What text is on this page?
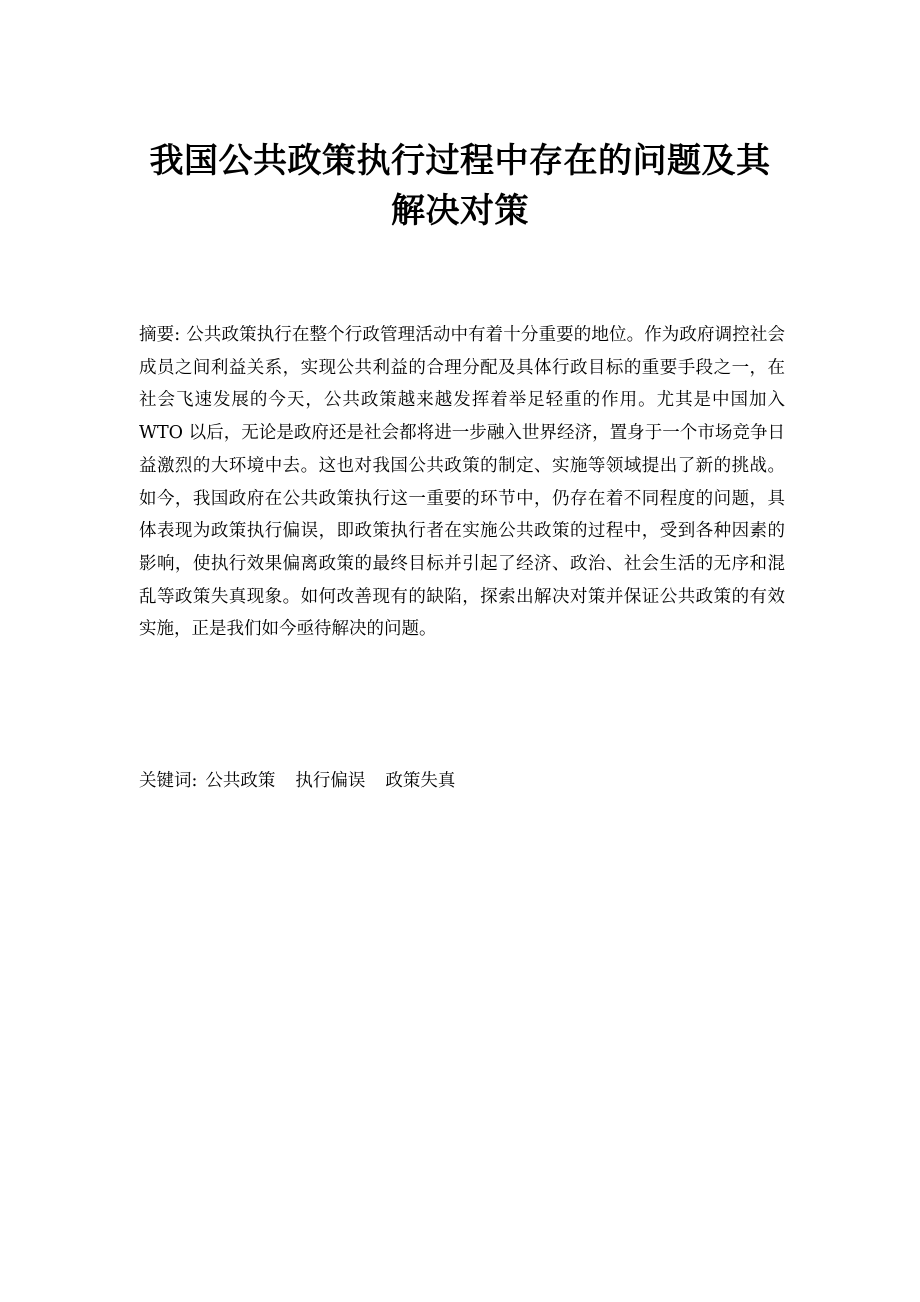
我国公共政策执行过程中存在的问题及其
解决对策

摘要: 公共政策执行在整个行政管理活动中有着十分重要的地位。作为政府调控社会成员之间利益关系，实现公共利益的合理分配及具体行政目标的重要手段之一，在社会飞速发展的今天，公共政策越来越发挥着举足轻重的作用。尤其是中国加入 WTO 以后，无论是政府还是社会都将进一步融入世界经济，置身于一个市场竞争日益激烈的大环境中去。这也对我国公共政策的制定、实施等领域提出了新的挑战。如今，我国政府在公共政策执行这一重要的环节中，仍存在着不同程度的问题，具体表现为政策执行偏误，即政策执行者在实施公共政策的过程中，受到各种因素的影响，使执行效果偏离政策的最终目标并引起了经济、政治、社会生活的无序和混乱等政策失真现象。如何改善现有的缺陷，探索出解决对策并保证公共政策的有效实施，正是我们如今亟待解决的问题。

关键词: 公共政策 执行偏误 政策失真
